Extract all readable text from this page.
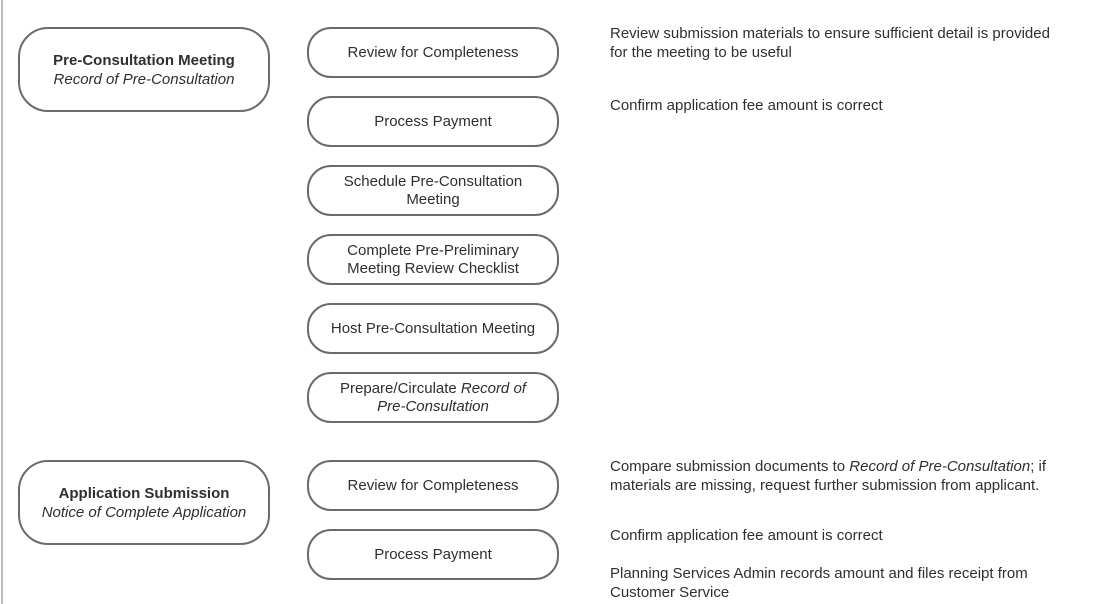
Pre-Consultation Meeting
Record of Pre-Consultation
Application Submission
Notice of Complete Application
Review for Completeness
Process Payment
Schedule Pre-Consultation Meeting
Complete Pre-Preliminary Meeting Review Checklist
Host Pre-Consultation Meeting
Prepare/Circulate Record of Pre-Consultation
Review for Completeness
Process Payment
Review submission materials to ensure sufficient detail is provided for the meeting to be useful
Confirm application fee amount is correct
Compare submission documents to Record of Pre-Consultation; if materials are missing, request further submission from applicant.
Confirm application fee amount is correct
Planning Services Admin records amount and files receipt from Customer Service
